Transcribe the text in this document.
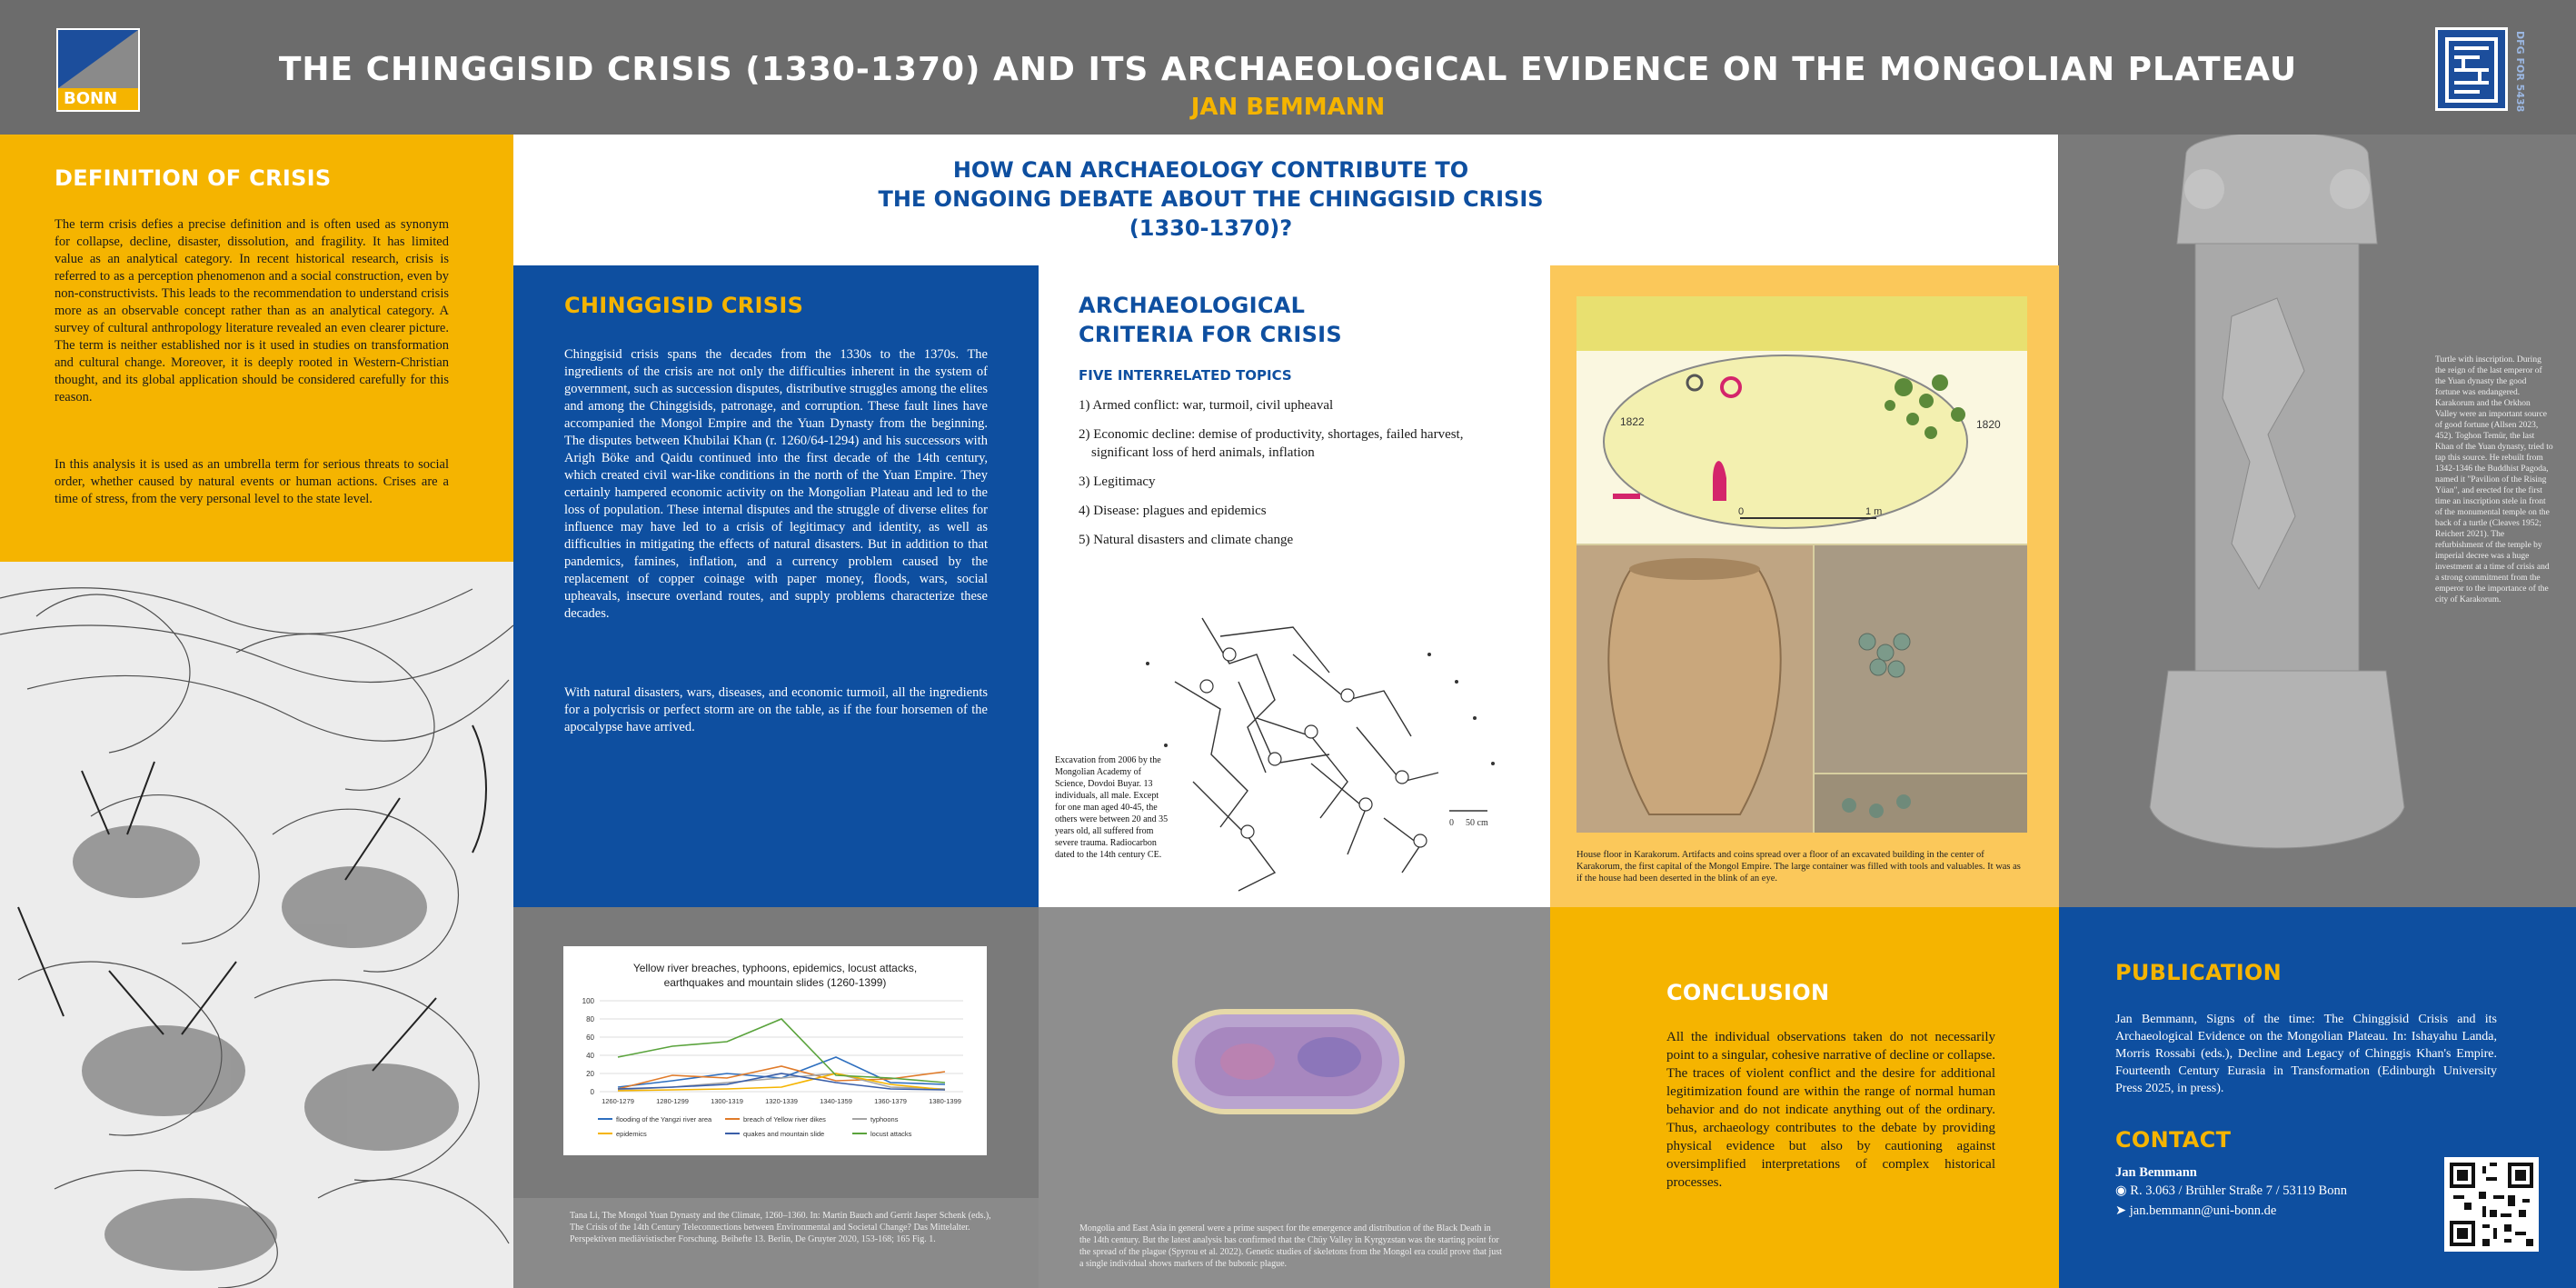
BONN
THE CHINGGISID CRISIS (1330-1370) AND ITS ARCHAEOLOGICAL EVIDENCE ON THE MONGOLIAN PLATEAU
JAN BEMMANN	DFG FOR 5438
DEFINITION OF CRISIS

The term crisis defies a precise definition and is often used as synonym for collapse, decline, disaster, dissolution, and fragility. It has limited value as an analytical category. In recent historical research, crisis is referred to as a perception phenomenon and a social construction, even by non-constructivists. This leads to the recommendation to understand crisis more as an observable concept rather than as an analytical category. A survey of cultural anthropology literature revealed an even clearer picture. The term is neither established nor is it used in studies on transformation and cultural change. Moreover, it is deeply rooted in Western-Christian thought, and its global application should be considered carefully for this reason.

In this analysis it is used as an umbrella term for serious threats to social order, whether caused by natural events or human actions. Crises are a time of stress, from the very personal level to the state level.

HOW CAN ARCHAEOLOGY CONTRIBUTE TO
THE ONGOING DEBATE ABOUT THE CHINGGISID CRISIS
(1330-1370)?
CHINGGISID CRISIS

Chinggisid crisis spans the decades from the 1330s to the 1370s. The ingredients of the crisis are not only the difficulties inherent in the system of government, such as succession disputes, distributive struggles among the elites and among the Chinggisids, patronage, and corruption. These fault lines have accompanied the Mongol Empire and the Yuan Dynasty from the beginning. The disputes between Khubilai Khan (r. 1260/64-1294) and his successors with Arigh Böke and Qaidu continued into the first decade of the 14th century, which created civil war-like conditions in the north of the Yuan Empire. They certainly hampered economic activity on the Mongolian Plateau and led to the loss of population. These internal disputes and the struggle of diverse elites for influence may have led to a crisis of legitimacy and identity, as well as difficulties in mitigating the effects of natural disasters. But in addition to that pandemics, famines, inflation, and a currency problem caused by the replacement of copper coinage with paper money, floods, wars, social upheavals, insecure overland routes, and supply problems characterize these decades.

With natural disasters, wars, diseases, and economic turmoil, all the ingredients for a polycrisis or perfect storm are on the table, as if the four horsemen of the apocalypse have arrived.

ARCHAEOLOGICAL
CRITERIA FOR CRISIS
FIVE INTERRELATED TOPICS
1) Armed conflict: war, turmoil, civil upheaval
2) Economic decline: demise of productivity, shortages, failed harvest, significant loss of herd animals, inflation
3) Legitimacy
4) Disease: plagues and epidemics
5) Natural disasters and climate change
0 50 cm
Excavation from 2006 by the Mongolian Academy of Science, Dovdoi Buyar. 13 individuals, all male. Except for one man aged 40-45, the others were between 20 and 35 years old, all suffered from severe trauma. Radiocarbon dated to the 14th century CE.
1822	1820
0	1 m
House floor in Karakorum. Artifacts and coins spread over a floor of an excavated building in the center of Karakorum, the first capital of the Mongol Empire. The large container was filled with tools and valuables. It was as if the house had been deserted in the blink of an eye.
Turtle with inscription. During the reign of the last emperor of the Yuan dynasty the good fortune was endangered. Karakorum and the Orkhon Valley were an important source of good fortune (Allsen 2023, 452). Toghon Temür, the last Khan of the Yuan dynasty, tried to tap this source. He rebuilt from 1342-1346 the Buddhist Pagoda, named it "Pavilion of the Rising Yüan", and erected for the first time an inscription stele in front of the monumental temple on the back of a turtle (Cleaves 1952; Reichert 2021). The refurbishment of the temple by imperial decree was a huge investment at a time of crisis and a strong commitment from the emperor to the importance of the city of Karakorum.
Yellow river breaches, typhoons, epidemics, locust attacks,
earthquakes and mountain slides (1260-1399)
0
20
40
60
80
100
1260-1279	1280-1299	1300-1319	1320-1339	1340-1359	1360-1379	1380-1399
flooding of the Yangzi river area	breach of Yellow river dikes	typhoons
epidemics	quakes and mountain slide	locust attacks
Tana Li, The Mongol Yuan Dynasty and the Climate, 1260–1360. In: Martin Bauch and Gerrit Jasper Schenk (eds.), The Crisis of the 14th Century Teleconnections between Environmental and Societal Change? Das Mittelalter. Perspektiven mediävistischer Forschung. Beihefte 13. Berlin, De Gruyter 2020, 153-168; 165 Fig. 1.
Mongolia and East Asia in general were a prime suspect for the emergence and distribution of the Black Death in the 14th century. But the latest analysis has confirmed that the Chüy Valley in Kyrgyzstan was the starting point for the spread of the plague (Spyrou et al. 2022). Genetic studies of skeletons from the Mongol era could prove that just a single individual shows markers of the bubonic plague.
CONCLUSION

All the individual observations taken do not necessarily point to a singular, cohesive narrative of decline or collapse. The traces of violent conflict and the desire for additional legitimization found are within the range of normal human behavior and do not indicate anything out of the ordinary. Thus, archaeology contributes to the debate by providing physical evidence but also by cautioning against oversimplified interpretations of complex historical processes.

PUBLICATION

Jan Bemmann, Signs of the time: The Chinggisid Crisis and its Archaeological Evidence on the Mongolian Plateau. In: Ishayahu Landa, Morris Rossabi (eds.), Decline and Legacy of Chinggis Khan's Empire. Fourteenth Century Eurasia in Transformation (Edinburgh University Press 2025, in press).

CONTACT
Jan Bemmann
◉ R. 3.063 / Brühler Straße 7 / 53119 Bonn
➤ jan.bemmann@uni-bonn.de
